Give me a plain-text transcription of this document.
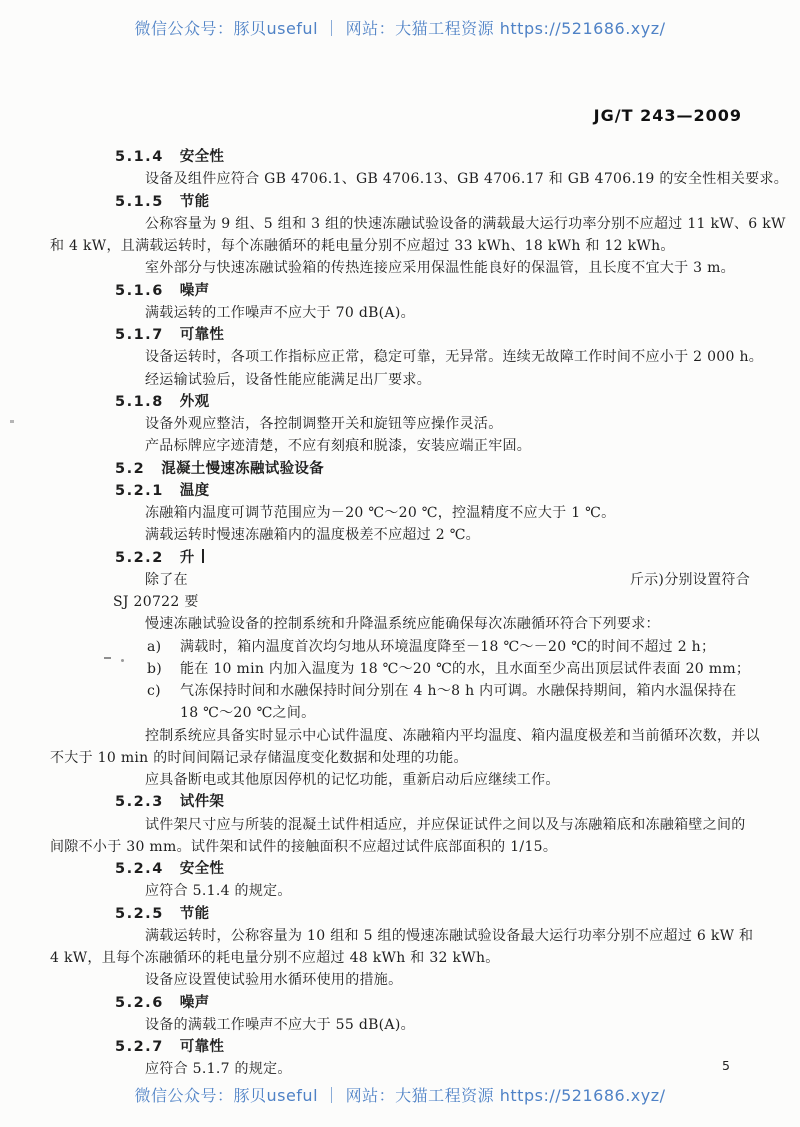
微信公众号：豚贝useful ｜ 网站：大猫工程资源 https://521686.xyz/
JG/T 243—2009
5.1.4 安全性
设备及组件应符合 GB 4706.1、GB 4706.13、GB 4706.17 和 GB 4706.19 的安全性相关要求。
5.1.5 节能
公称容量为 9 组、5 组和 3 组的快速冻融试验设备的满载最大运行功率分别不应超过 11 kW、6 kW
和 4 kW，且满载运转时，每个冻融循环的耗电量分别不应超过 33 kWh、18 kWh 和 12 kWh。
室外部分与快速冻融试验箱的传热连接应采用保温性能良好的保温管，且长度不宜大于 3 m。
5.1.6 噪声
满载运转的工作噪声不应大于 70 dB(A)。
5.1.7 可靠性
设备运转时，各项工作指标应正常，稳定可靠，无异常。连续无故障工作时间不应小于 2 000 h。
经运输试验后，设备性能应能满足出厂要求。
5.1.8 外观
设备外观应整洁，各控制调整开关和旋钮等应操作灵活。
产品标牌应字迹清楚，不应有刻痕和脱漆，安装应端正牢固。
5.2 混凝土慢速冻融试验设备
5.2.1 温度
冻融箱内温度可调节范围应为－20 ℃～20 ℃，控温精度不应大于 1 ℃。
满载运转时慢速冻融箱内的温度极差不应超过 2 ℃。
5.2.2 升
除了在	斤示)分别设置符合
SJ 20722 要
慢速冻融试验设备的控制系统和升降温系统应能确保每次冻融循环符合下列要求：
a) 满载时，箱内温度首次均匀地从环境温度降至－18 ℃～－20 ℃的时间不超过 2 h；
b) 能在 10 min 内加入温度为 18 ℃～20 ℃的水，且水面至少高出顶层试件表面 20 mm；
c) 气冻保持时间和水融保持时间分别在 4 h～8 h 内可调。水融保持期间，箱内水温保持在
18 ℃～20 ℃之间。
控制系统应具备实时显示中心试件温度、冻融箱内平均温度、箱内温度极差和当前循环次数，并以
不大于 10 min 的时间间隔记录存储温度变化数据和处理的功能。
应具备断电或其他原因停机的记忆功能，重新启动后应继续工作。
5.2.3 试件架
试件架尺寸应与所装的混凝土试件相适应，并应保证试件之间以及与冻融箱底和冻融箱壁之间的
间隙不小于 30 mm。试件架和试件的接触面积不应超过试件底部面积的 1/15。
5.2.4 安全性
应符合 5.1.4 的规定。
5.2.5 节能
满载运转时，公称容量为 10 组和 5 组的慢速冻融试验设备最大运行功率分别不应超过 6 kW 和
4 kW，且每个冻融循环的耗电量分别不应超过 48 kWh 和 32 kWh。
设备应设置使试验用水循环使用的措施。
5.2.6 噪声
设备的满载工作噪声不应大于 55 dB(A)。
5.2.7 可靠性
应符合 5.1.7 的规定。	5
微信公众号：豚贝useful ｜ 网站：大猫工程资源 https://521686.xyz/
